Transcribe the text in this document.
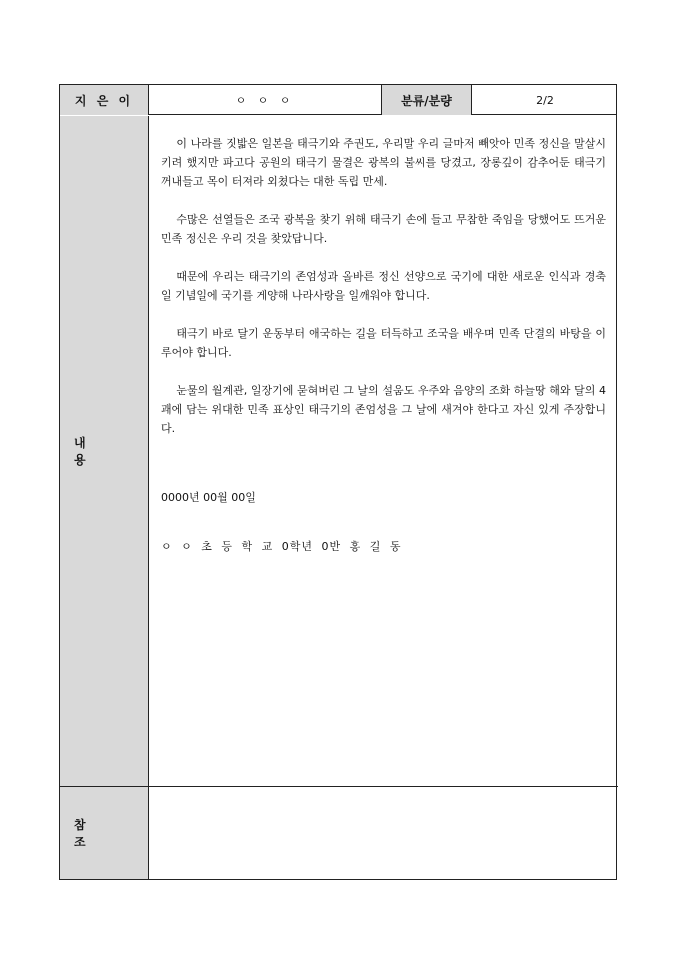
지 은 이	ㅇ ㅇ ㅇ	분류/분량	2/2
내 용

이 나라를 짓밟은 일본을 태극기와 주권도, 우리말 우리 글마저 빼앗아 민족 정신을 말살시키려 했지만 파고다 공원의 태극기 물결은 광복의 불씨를 당겼고, 장롱깊이 감추어둔 태극기 꺼내들고 목이 터져라 외쳤다는 대한 독립 만세.

수많은 선열들은 조국 광복을 찾기 위해 태극기 손에 들고 무참한 죽임을 당했어도 뜨거운 민족 정신은 우리 것을 찾았답니다.

때문에 우리는 태극기의 존엄성과 올바른 정신 선양으로 국기에 대한 새로운 인식과 경축일 기념일에 국기를 게양해 나라사랑을 일깨워야 합니다.

태극기 바로 달기 운동부터 애국하는 길을 터득하고 조국을 배우며 민족 단결의 바탕을 이루어야 합니다.

눈물의 월계관, 일장기에 묻혀버린 그 날의 설움도 우주와 음양의 조화 하늘땅 해와 달의 4괘에 담는 위대한 민족 표상인 태극기의 존엄성을 그 날에 새겨야 한다고 자신 있게 주장합니다.

0000년 00월 00일

ㅇ ㅇ 초 등 학 교 0학년 0반 홍 길 동

참 조
